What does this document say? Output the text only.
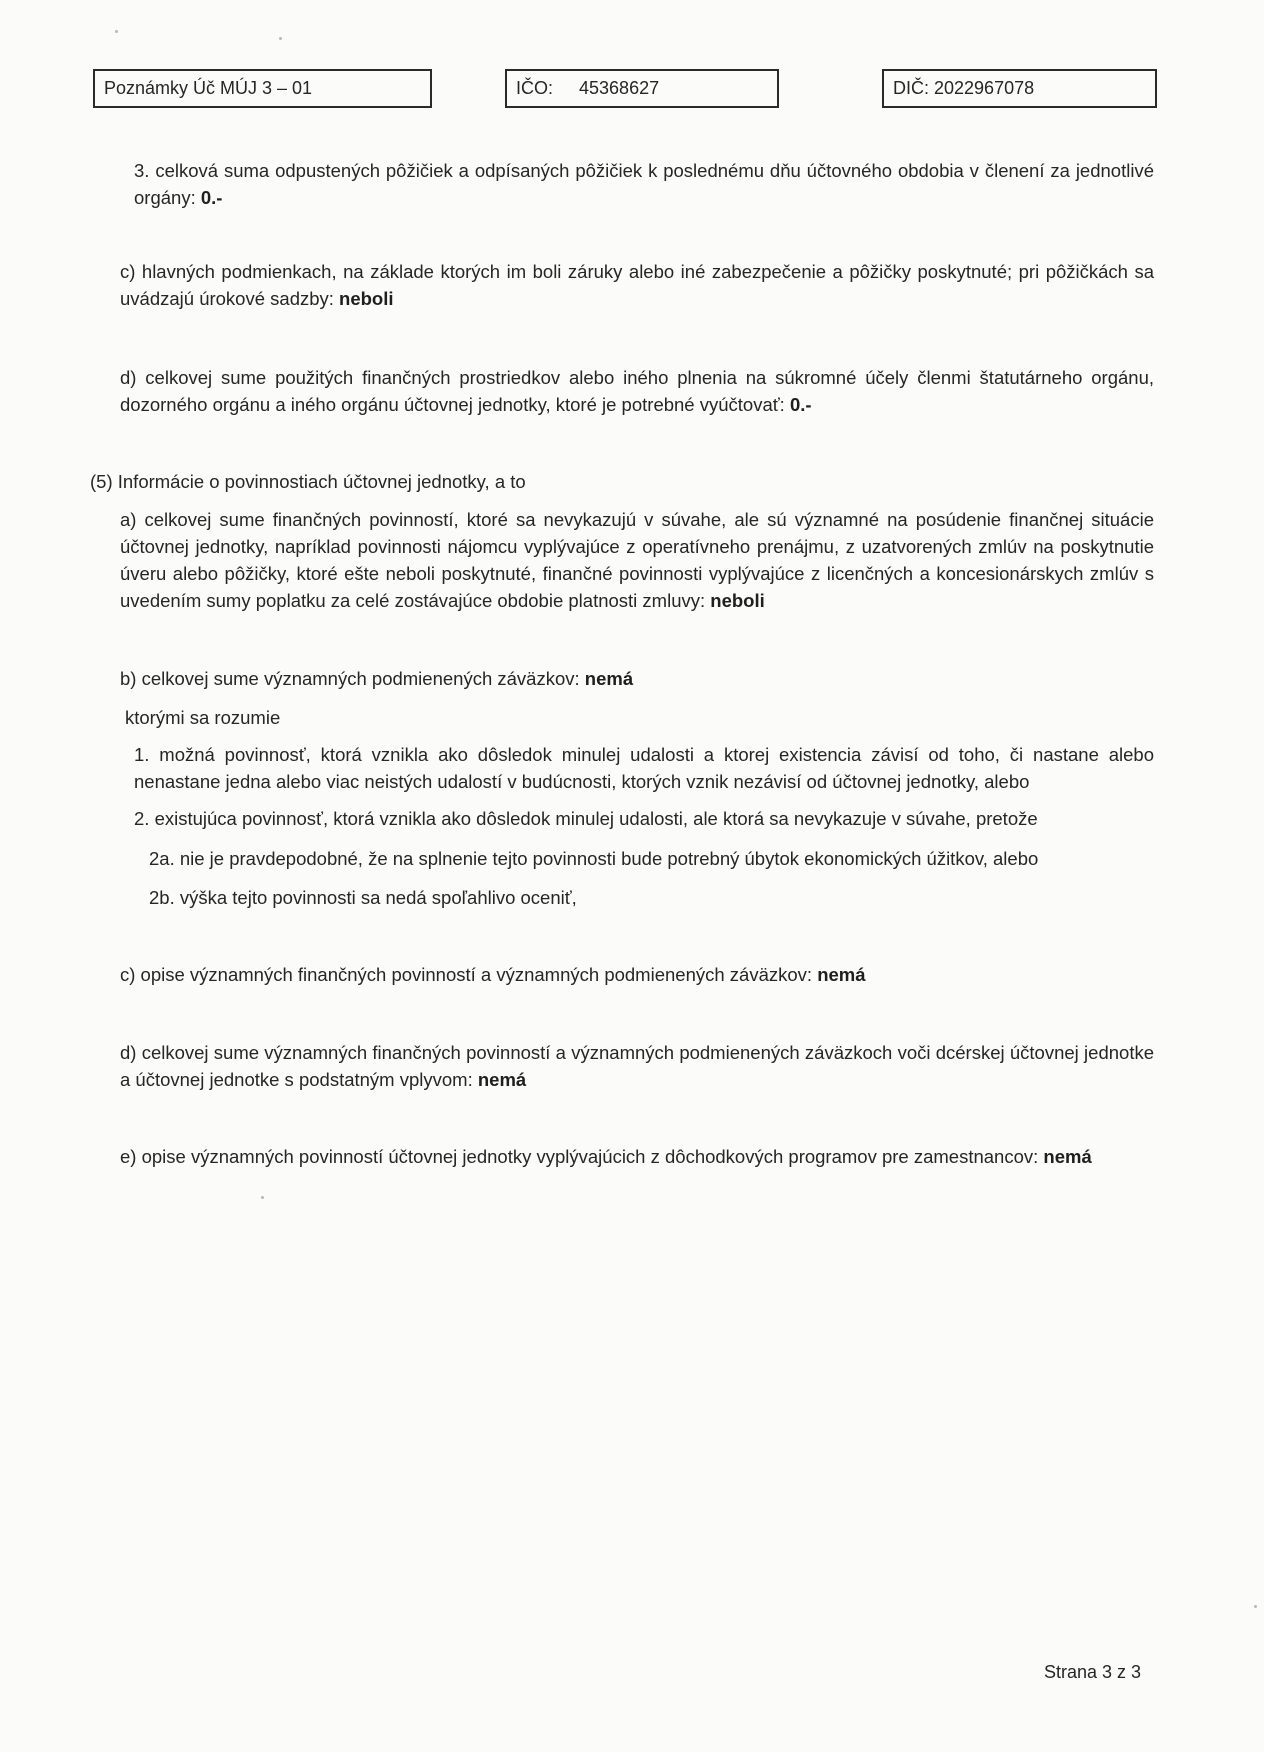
Poznámky Úč MÚJ 3 – 01	IČO: 45368627	DIČ: 2022967078
3. celková suma odpustených pôžičiek a odpísaných pôžičiek k poslednému dňu účtovného obdobia v členení za jednotlivé orgány: 0.-
c) hlavných podmienkach, na základe ktorých im boli záruky alebo iné zabezpečenie a pôžičky poskytnuté; pri pôžičkách sa uvádzajú úrokové sadzby: neboli
d) celkovej sume použitých finančných prostriedkov alebo iného plnenia na súkromné účely členmi štatutárneho orgánu, dozorného orgánu a iného orgánu účtovnej jednotky, ktoré je potrebné vyúčtovať: 0.-
(5) Informácie o povinnostiach účtovnej jednotky, a to
a) celkovej sume finančných povinností, ktoré sa nevykazujú v súvahe, ale sú významné na posúdenie finančnej situácie účtovnej jednotky, napríklad povinnosti nájomcu vyplývajúce z operatívneho prenájmu, z uzatvorených zmlúv na poskytnutie úveru alebo pôžičky, ktoré ešte neboli poskytnuté, finančné povinnosti vyplývajúce z licenčných a koncesionárskych zmlúv s uvedením sumy poplatku za celé zostávajúce obdobie platnosti zmluvy: neboli
b) celkovej sume významných podmienených záväzkov: nemá
ktorými sa rozumie
1. možná povinnosť, ktorá vznikla ako dôsledok minulej udalosti a ktorej existencia závisí od toho, či nastane alebo nenastane jedna alebo viac neistých udalostí v budúcnosti, ktorých vznik nezávisí od účtovnej jednotky, alebo
2. existujúca povinnosť, ktorá vznikla ako dôsledok minulej udalosti, ale ktorá sa nevykazuje v súvahe, pretože
2a. nie je pravdepodobné, že na splnenie tejto povinnosti bude potrebný úbytok ekonomických úžitkov, alebo
2b. výška tejto povinnosti sa nedá spoľahlivo oceniť,
c) opise významných finančných povinností a významných podmienených záväzkov: nemá
d) celkovej sume významných finančných povinností a významných podmienených záväzkoch voči dcérskej účtovnej jednotke a účtovnej jednotke s podstatným vplyvom: nemá
e) opise významných povinností účtovnej jednotky vyplývajúcich z dôchodkových programov pre zamestnancov: nemá
Strana 3 z 3
